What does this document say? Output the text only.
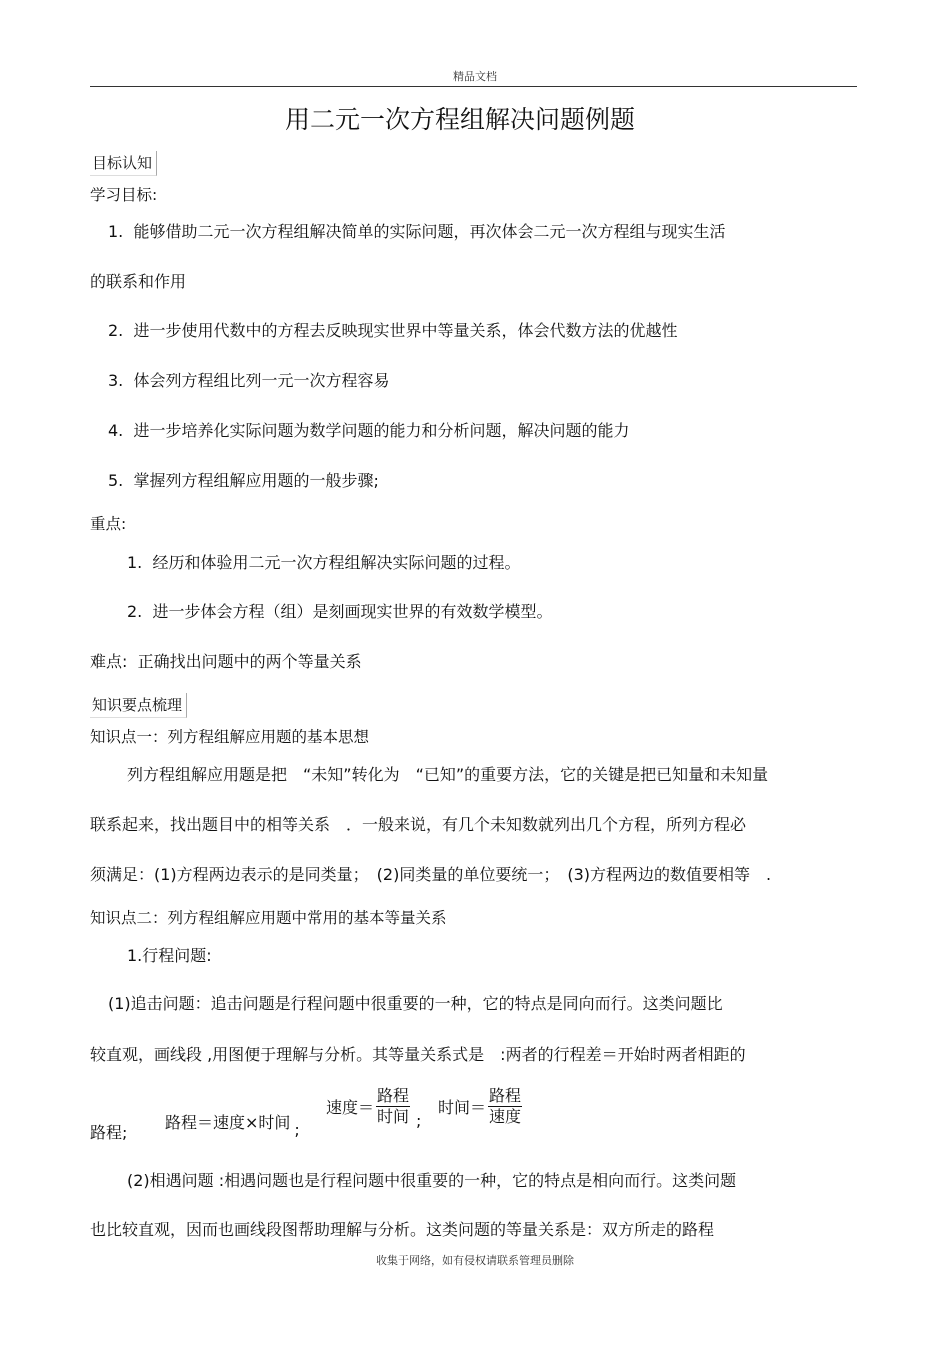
精品文档
用二元一次方程组解决问题例题
目标认知
学习目标:
1. 能够借助二元一次方程组解决简单的实际问题，再次体会二元一次方程组与现实生活
的联系和作用
2. 进一步使用代数中的方程去反映现实世界中等量关系，体会代数方法的优越性
3. 体会列方程组比列一元一次方程容易
4. 进一步培养化实际问题为数学问题的能力和分析问题，解决问题的能力
5. 掌握列方程组解应用题的一般步骤;
重点:
1. 经历和体验用二元一次方程组解决实际问题的过程。
2. 进一步体会方程（组）是刻画现实世界的有效数学模型。
难点: 正确找出问题中的两个等量关系
知识要点梳理
知识点一：列方程组解应用题的基本思想
列方程组解应用题是把　“未知”转化为　“已知”的重要方法，它的关键是把已知量和未知量
联系起来，找出题目中的相等关系　．一般来说，有几个未知数就列出几个方程，所列方程必
须满足：(1)方程两边表示的是同类量；　(2)同类量的单位要统一；　(3)方程两边的数值要相等　.
知识点二：列方程组解应用题中常用的基本等量关系
1.行程问题:
(1)追击问题：追击问题是行程问题中很重要的一种，它的特点是同向而行。这类问题比
较直观，画线段 ,用图便于理解与分析。其等量关系式是　:两者的行程差＝开始时两者相距的
路程;
路程＝速度×时间 ;
速度＝ $\frac{\text{路程}}{\text{时间}}$ ;
时间＝ $\frac{\text{路程}}{\text{速度}}$
(2)相遇问题 :相遇问题也是行程问题中很重要的一种，它的特点是相向而行。这类问题
也比较直观，因而也画线段图帮助理解与分析。这类问题的等量关系是：双方所走的路程
收集于网络，如有侵权请联系管理员删除
